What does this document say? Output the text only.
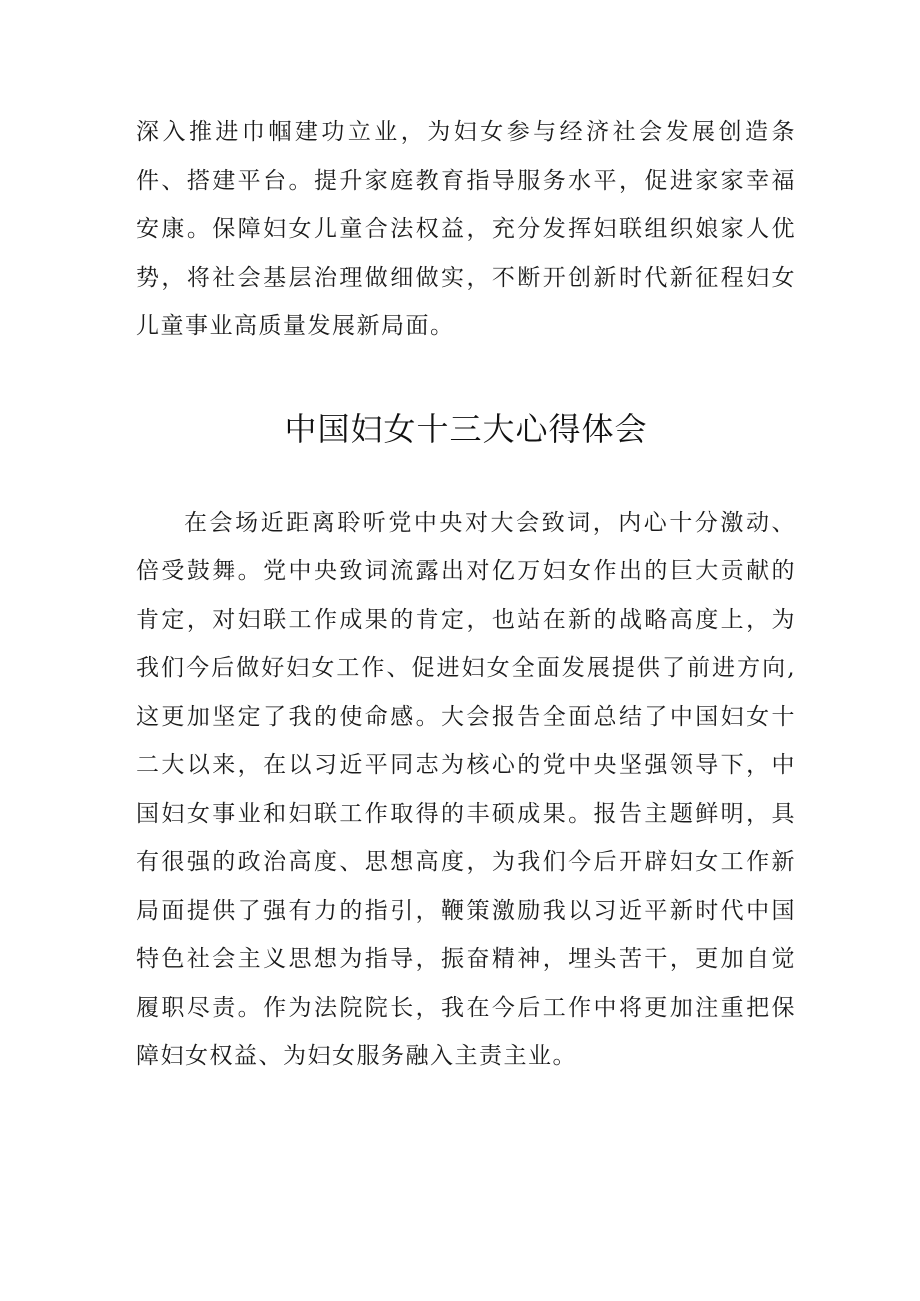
深入推进巾帼建功立业，为妇女参与经济社会发展创造条件、搭建平台。提升家庭教育指导服务水平，促进家家幸福安康。保障妇女儿童合法权益，充分发挥妇联组织娘家人优势，将社会基层治理做细做实，不断开创新时代新征程妇女儿童事业高质量发展新局面。

中国妇女十三大心得体会

在会场近距离聆听党中央对大会致词，内心十分激动、倍受鼓舞。党中央致词流露出对亿万妇女作出的巨大贡献的肯定，对妇联工作成果的肯定，也站在新的战略高度上，为我们今后做好妇女工作、促进妇女全面发展提供了前进方向,这更加坚定了我的使命感。大会报告全面总结了中国妇女十二大以来，在以习近平同志为核心的党中央坚强领导下，中国妇女事业和妇联工作取得的丰硕成果。报告主题鲜明，具有很强的政治高度、思想高度，为我们今后开辟妇女工作新局面提供了强有力的指引，鞭策激励我以习近平新时代中国特色社会主义思想为指导，振奋精神，埋头苦干，更加自觉履职尽责。作为法院院长，我在今后工作中将更加注重把保障妇女权益、为妇女服务融入主责主业。
